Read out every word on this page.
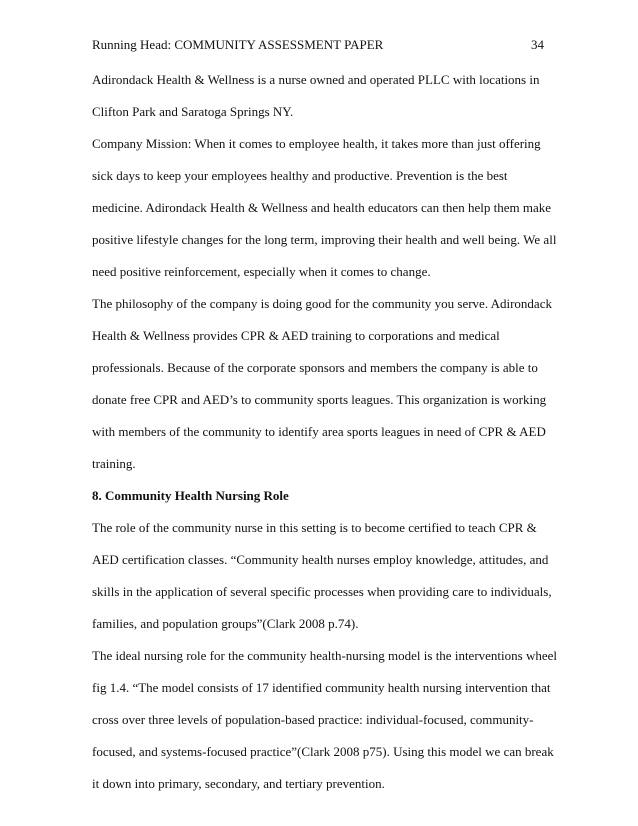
Running Head: COMMUNITY ASSESSMENT PAPER	34
Adirondack Health & Wellness is a nurse owned and operated PLLC with locations in
Clifton Park and Saratoga Springs NY.
Company Mission: When it comes to employee health, it takes more than just offering
sick days to keep your employees healthy and productive. Prevention is the best
medicine. Adirondack Health & Wellness and health educators can then help them make
positive lifestyle changes for the long term, improving their health and well being. We all
need positive reinforcement, especially when it comes to change.
The philosophy of the company is doing good for the community you serve. Adirondack
Health & Wellness provides CPR & AED training to corporations and medical
professionals. Because of the corporate sponsors and members the company is able to
donate free CPR and AED’s to community sports leagues. This organization is working
with members of the community to identify area sports leagues in need of CPR & AED
training.
8. Community Health Nursing Role
The role of the community nurse in this setting is to become certified to teach CPR &
AED certification classes. “Community health nurses employ knowledge, attitudes, and
skills in the application of several specific processes when providing care to individuals,
families, and population groups”(Clark 2008 p.74).
The ideal nursing role for the community health-nursing model is the interventions wheel
fig 1.4. “The model consists of 17 identified community health nursing intervention that
cross over three levels of population-based practice: individual-focused, community-
focused, and systems-focused practice”(Clark 2008 p75). Using this model we can break
it down into primary, secondary, and tertiary prevention.
